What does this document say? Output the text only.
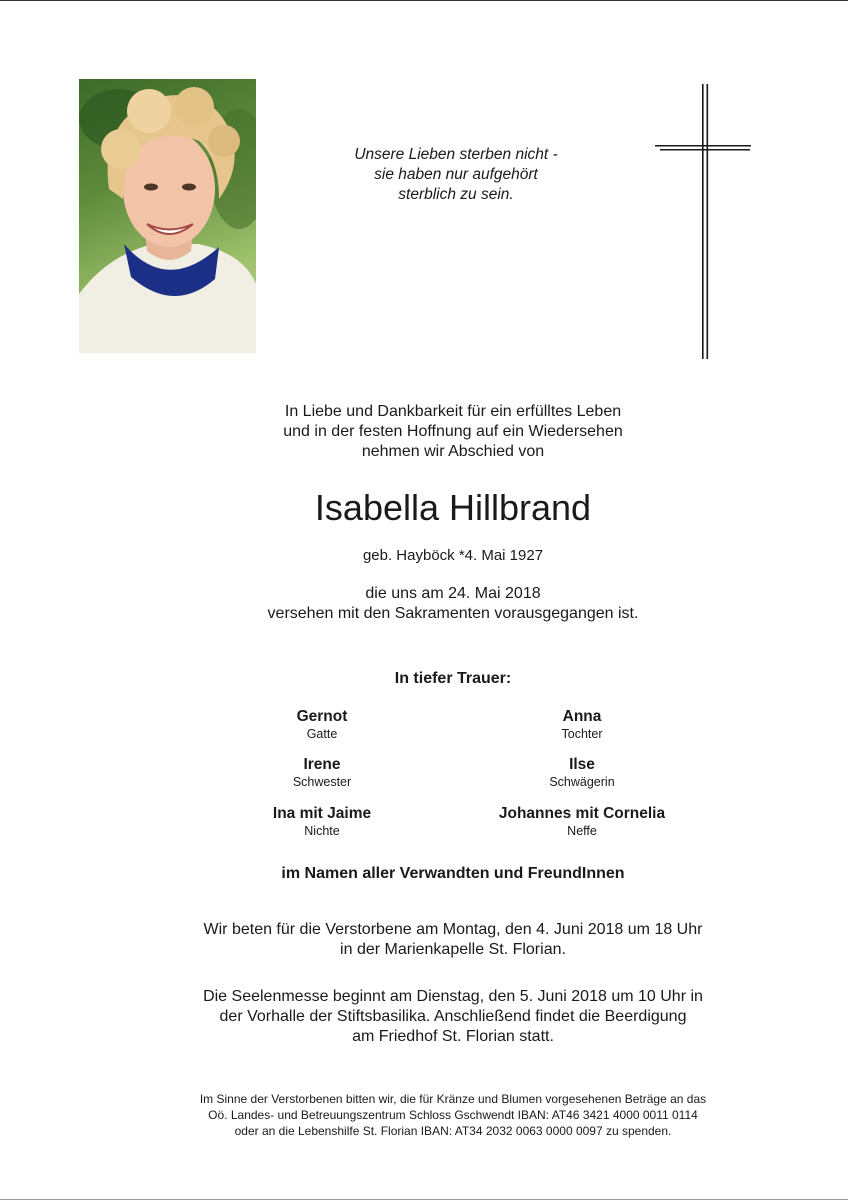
Unsere Lieben sterben nicht -
sie haben nur aufgehört
sterblich zu sein.
In Liebe und Dankbarkeit für ein erfülltes Leben
und in der festen Hoffnung auf ein Wiedersehen
nehmen wir Abschied von
Isabella Hillbrand
geb. Hayböck *4. Mai 1927
die uns am 24. Mai 2018
versehen mit den Sakramenten vorausgegangen ist.
In tiefer Trauer:
Gernot
Gatte
Anna
Tochter
Irene
Schwester
Ilse
Schwägerin
Ina mit Jaime
Nichte
Johannes mit Cornelia
Neffe
im Namen aller Verwandten und FreundInnen
Wir beten für die Verstorbene am Montag, den 4. Juni 2018 um 18 Uhr
in der Marienkapelle St. Florian.
Die Seelenmesse beginnt am Dienstag, den 5. Juni 2018 um 10 Uhr in
der Vorhalle der Stiftsbasilika. Anschließend findet die Beerdigung
am Friedhof St. Florian statt.
Im Sinne der Verstorbenen bitten wir, die für Kränze und Blumen vorgesehenen Beträge an das
Oö. Landes- und Betreuungszentrum Schloss Gschwendt IBAN: AT46 3421 4000 0011 0114
oder an die Lebenshilfe St. Florian IBAN: AT34 2032 0063 0000 0097 zu spenden.
